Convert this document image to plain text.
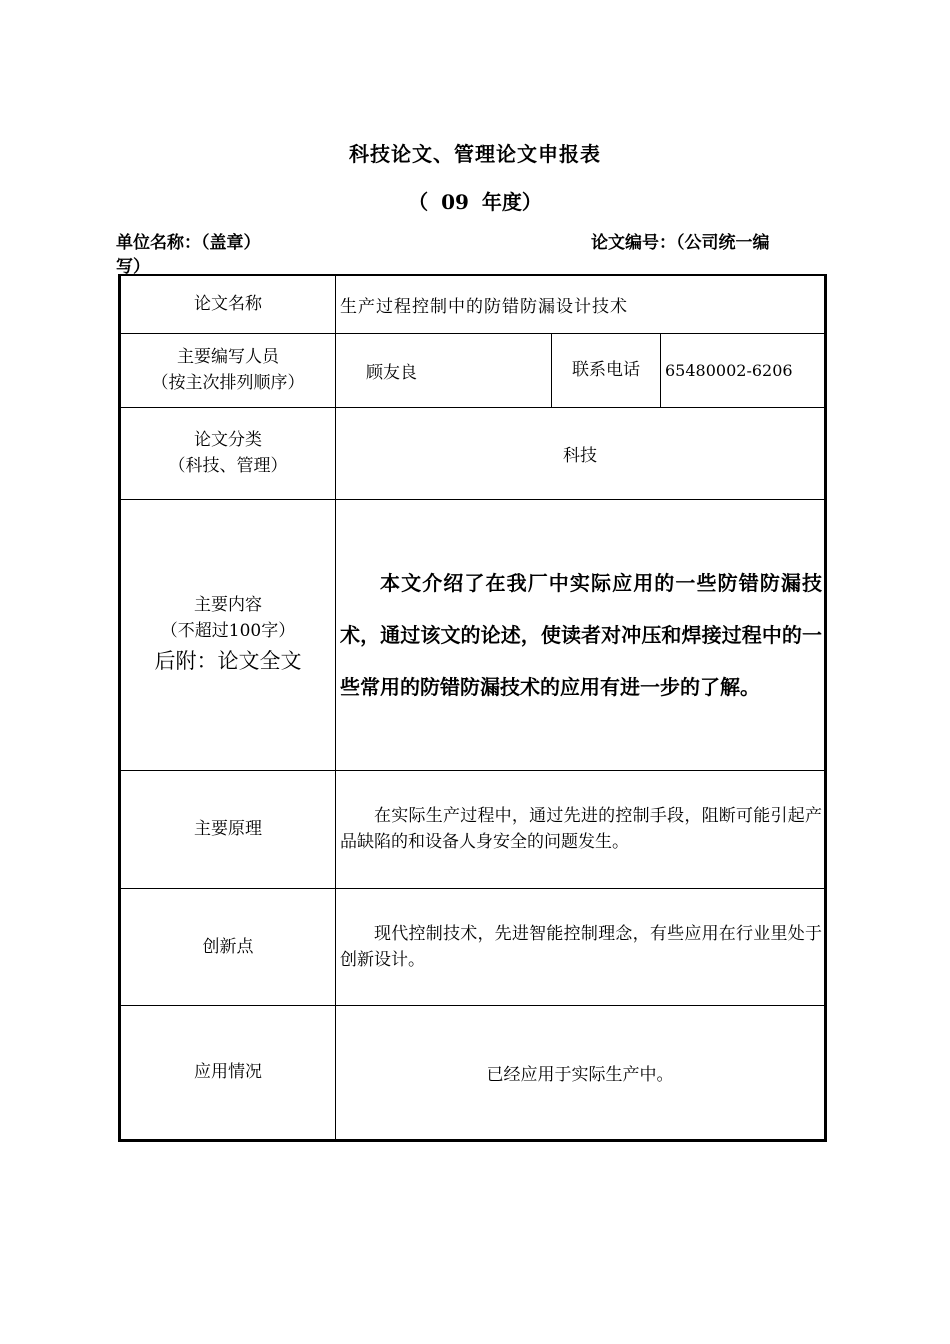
科技论文、管理论文申报表
（ 09 年度）
单位名称：（盖章）	论文编号：（公司统一编
写）
论文名称	生产过程控制中的防错防漏设计技术		

主要编写人员
（按主次排列顺序）	顾友良	联系电话	65480002-6206

论文分类
（科技、管理）	科技		

主要内容
（不超过100字）
后附：论文全文	本文介绍了在我厂中实际应用的一些防错防漏技术，通过该文的论述，使读者对冲压和焊接过程中的一些常用的防错防漏技术的应用有进一步的了解。		

主要原理	在实际生产过程中，通过先进的控制手段，阻断可能引起产品缺陷的和设备人身安全的问题发生。		

创新点	现代控制技术，先进智能控制理念，有些应用在行业里处于创新设计。		

应用情况	已经应用于实际生产中。		
